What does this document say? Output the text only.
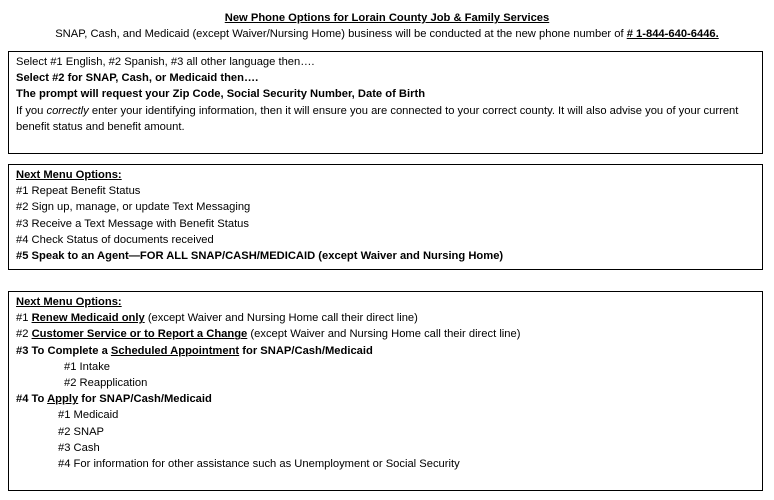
New Phone Options for Lorain County Job & Family Services
SNAP, Cash, and Medicaid (except Waiver/Nursing Home) business will be conducted at the new phone number of # 1-844-640-6446.
Select #1 English, #2 Spanish, #3 all other language then….
Select #2 for SNAP, Cash, or Medicaid then….
The prompt will request your Zip Code, Social Security Number, Date of Birth
If you correctly enter your identifying information, then it will ensure you are connected to your correct county. It will also advise you of your current benefit status and benefit amount.
Next Menu Options:
#1 Repeat Benefit Status
#2 Sign up, manage, or update Text Messaging
#3 Receive a Text Message with Benefit Status
#4 Check Status of documents received
#5 Speak to an Agent—FOR ALL SNAP/CASH/MEDICAID (except Waiver and Nursing Home)
Next Menu Options:
#1 Renew Medicaid only (except Waiver and Nursing Home call their direct line)
#2 Customer Service or to Report a Change (except Waiver and Nursing Home call their direct line)
#3 To Complete a Scheduled Appointment for SNAP/Cash/Medicaid
#1 Intake
#2 Reapplication
#4 To Apply for SNAP/Cash/Medicaid
#1 Medicaid
#2 SNAP
#3 Cash
#4 For information for other assistance such as Unemployment or Social Security
